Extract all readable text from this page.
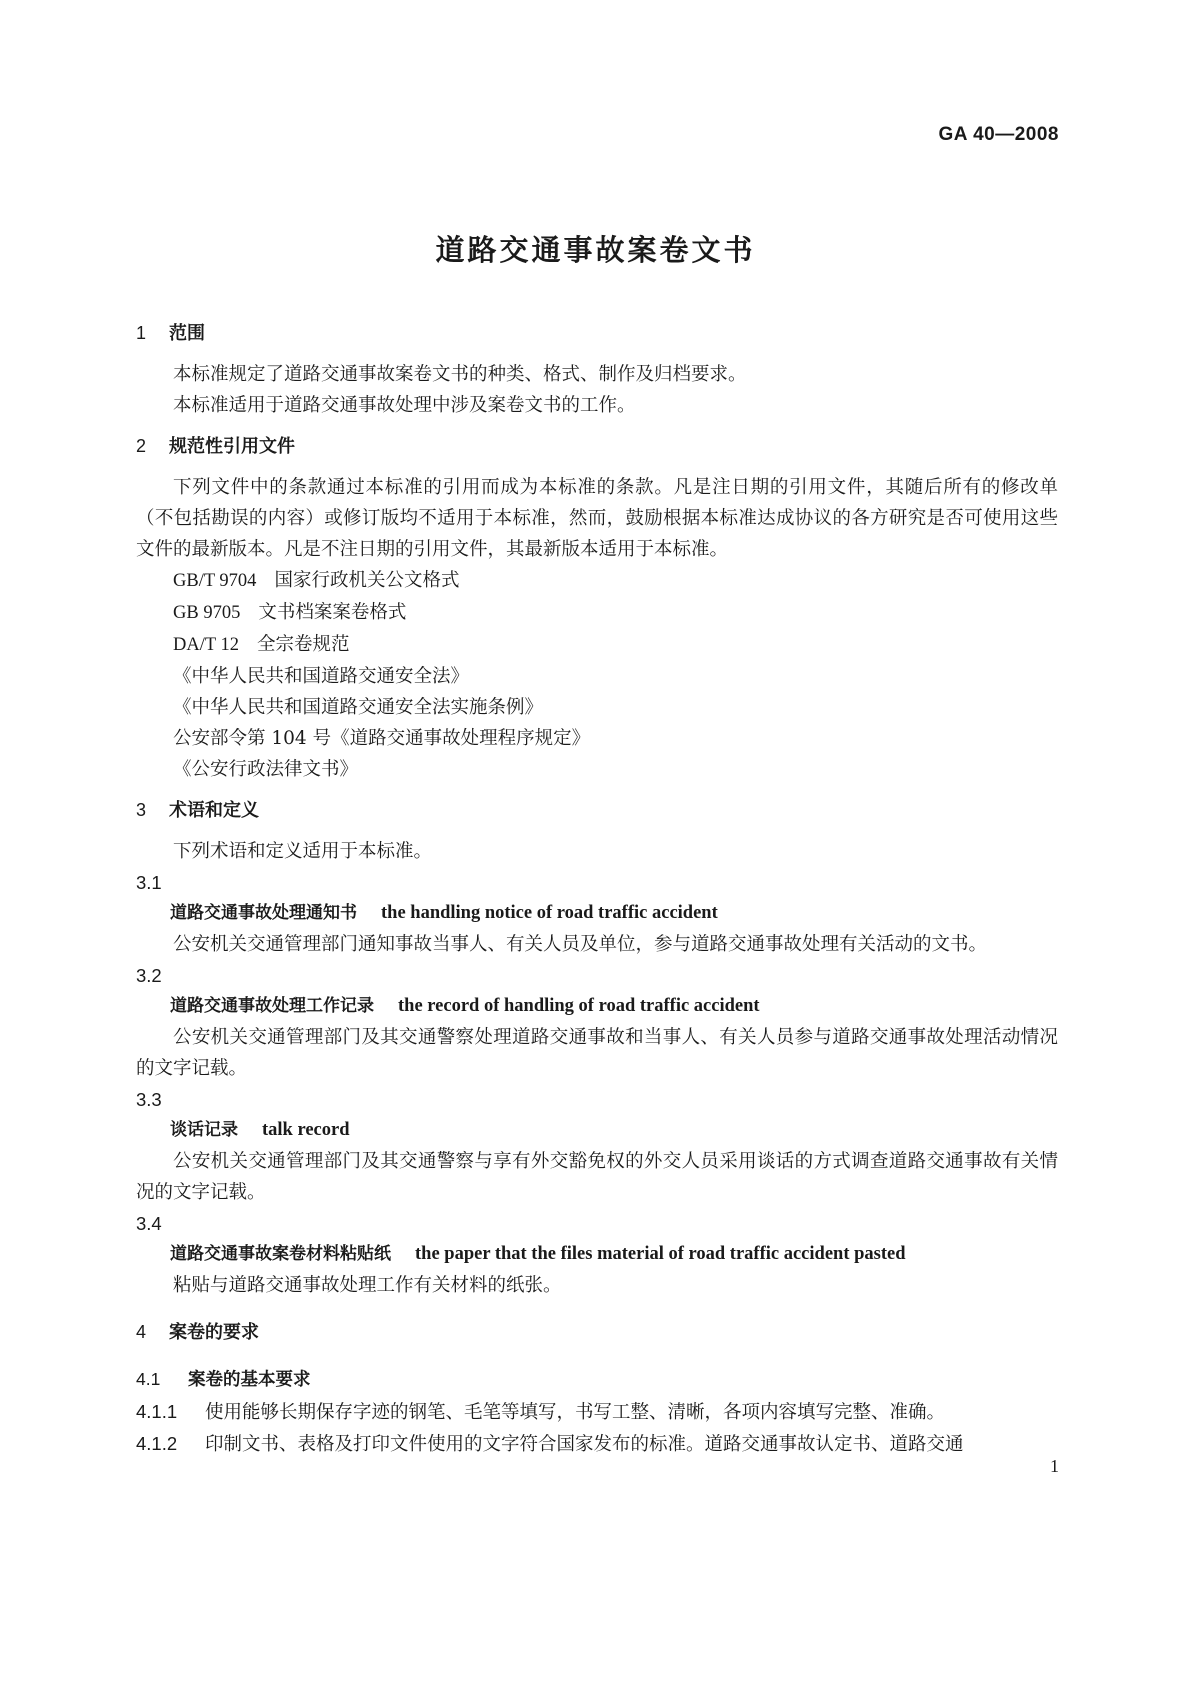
GA 40—2008
道路交通事故案卷文书

1 范围

本标准规定了道路交通事故案卷文书的种类、格式、制作及归档要求。

本标准适用于道路交通事故处理中涉及案卷文书的工作。

2 规范性引用文件

下列文件中的条款通过本标准的引用而成为本标准的条款。凡是注日期的引用文件，其随后所有的修改单（不包括勘误的内容）或修订版均不适用于本标准，然而，鼓励根据本标准达成协议的各方研究是否可使用这些文件的最新版本。凡是不注日期的引用文件，其最新版本适用于本标准。

GB/T 9704 国家行政机关公文格式

GB 9705 文书档案案卷格式

DA/T 12 全宗卷规范

《中华人民共和国道路交通安全法》

《中华人民共和国道路交通安全法实施条例》

公安部令第 104 号《道路交通事故处理程序规定》

《公安行政法律文书》

3 术语和定义

下列术语和定义适用于本标准。

3.1

道路交通事故处理通知书 the handling notice of road traffic accident

公安机关交通管理部门通知事故当事人、有关人员及单位，参与道路交通事故处理有关活动的文书。

3.2

道路交通事故处理工作记录 the record of handling of road traffic accident

公安机关交通管理部门及其交通警察处理道路交通事故和当事人、有关人员参与道路交通事故处理活动情况的文字记载。

3.3

谈话记录 talk record

公安机关交通管理部门及其交通警察与享有外交豁免权的外交人员采用谈话的方式调查道路交通事故有关情况的文字记载。

3.4

道路交通事故案卷材料粘贴纸 the paper that the files material of road traffic accident pasted

粘贴与道路交通事故处理工作有关材料的纸张。

4 案卷的要求

4.1 案卷的基本要求

4.1.1 使用能够长期保存字迹的钢笔、毛笔等填写，书写工整、清晰，各项内容填写完整、准确。

4.1.2 印制文书、表格及打印文件使用的文字符合国家发布的标准。道路交通事故认定书、道路交通

1
